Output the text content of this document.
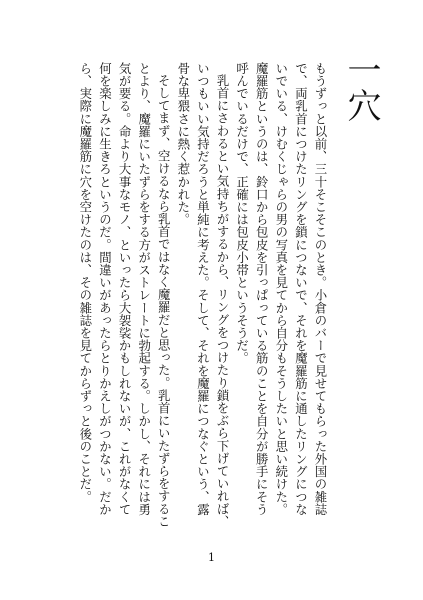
一穴

もうずっと以前、三十そこそこのとき。小倉のバーで見せてもらった外国の雑誌で、両乳首につけたリングを鎖につないで、それを魔羅筋に通したリングにつないでいる、けむくじゃらの男の写真を見てから自分もそうしたいと思い続けた。魔羅筋というのは、鈴口から包皮を引っぱっている筋のことを自分が勝手にそう呼んでいるだけで、正確には包皮小帯というそうだ。

乳首にさわるとい気持ちがするから、リングをつけたり鎖をぶら下げていれば、いつもいい気持だろうと単純に考えた。そして、それを魔羅につなぐという、露骨な卑猥さに熱く惹かれた。

そしてまず、空けるなら乳首ではなく魔羅だと思った。乳首にいたずらをすることより、魔羅にいたずらをする方がストレートに勃起する。しかし、それには勇気が要る。命より大事なモノ、といったら大袈裟かもしれないが、これがなくて何を楽しみに生きろというのだ。間違いがあったらとりかえしがつかない。だから、実際に魔羅筋に穴を空けたのは、その雑誌を見てからずっと後のことだ。

1
